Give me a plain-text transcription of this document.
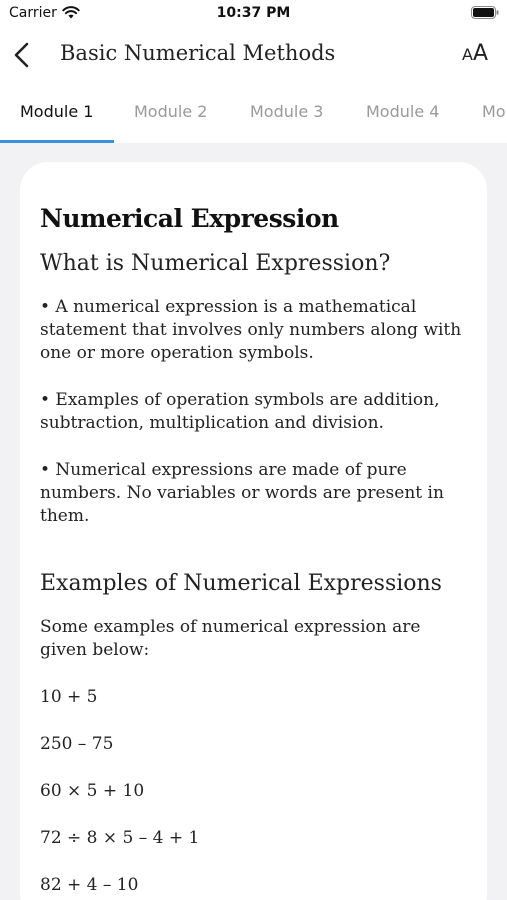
Carrier	10:37 PM
Basic Numerical Methods	AA
Module 1	Module 2	Module 3	Module 4	Mo
Numerical Expression
What is Numerical Expression?
• A numerical expression is a mathematical statement that involves only numbers along with one or more operation symbols.
• Examples of operation symbols are addition, subtraction, multiplication and division.
• Numerical expressions are made of pure numbers. No variables or words are present in them.
Examples of Numerical Expressions
Some examples of numerical expression are given below:
10 + 5
250 – 75
60 × 5 + 10
72 ÷ 8 × 5 – 4 + 1
82 + 4 – 10
